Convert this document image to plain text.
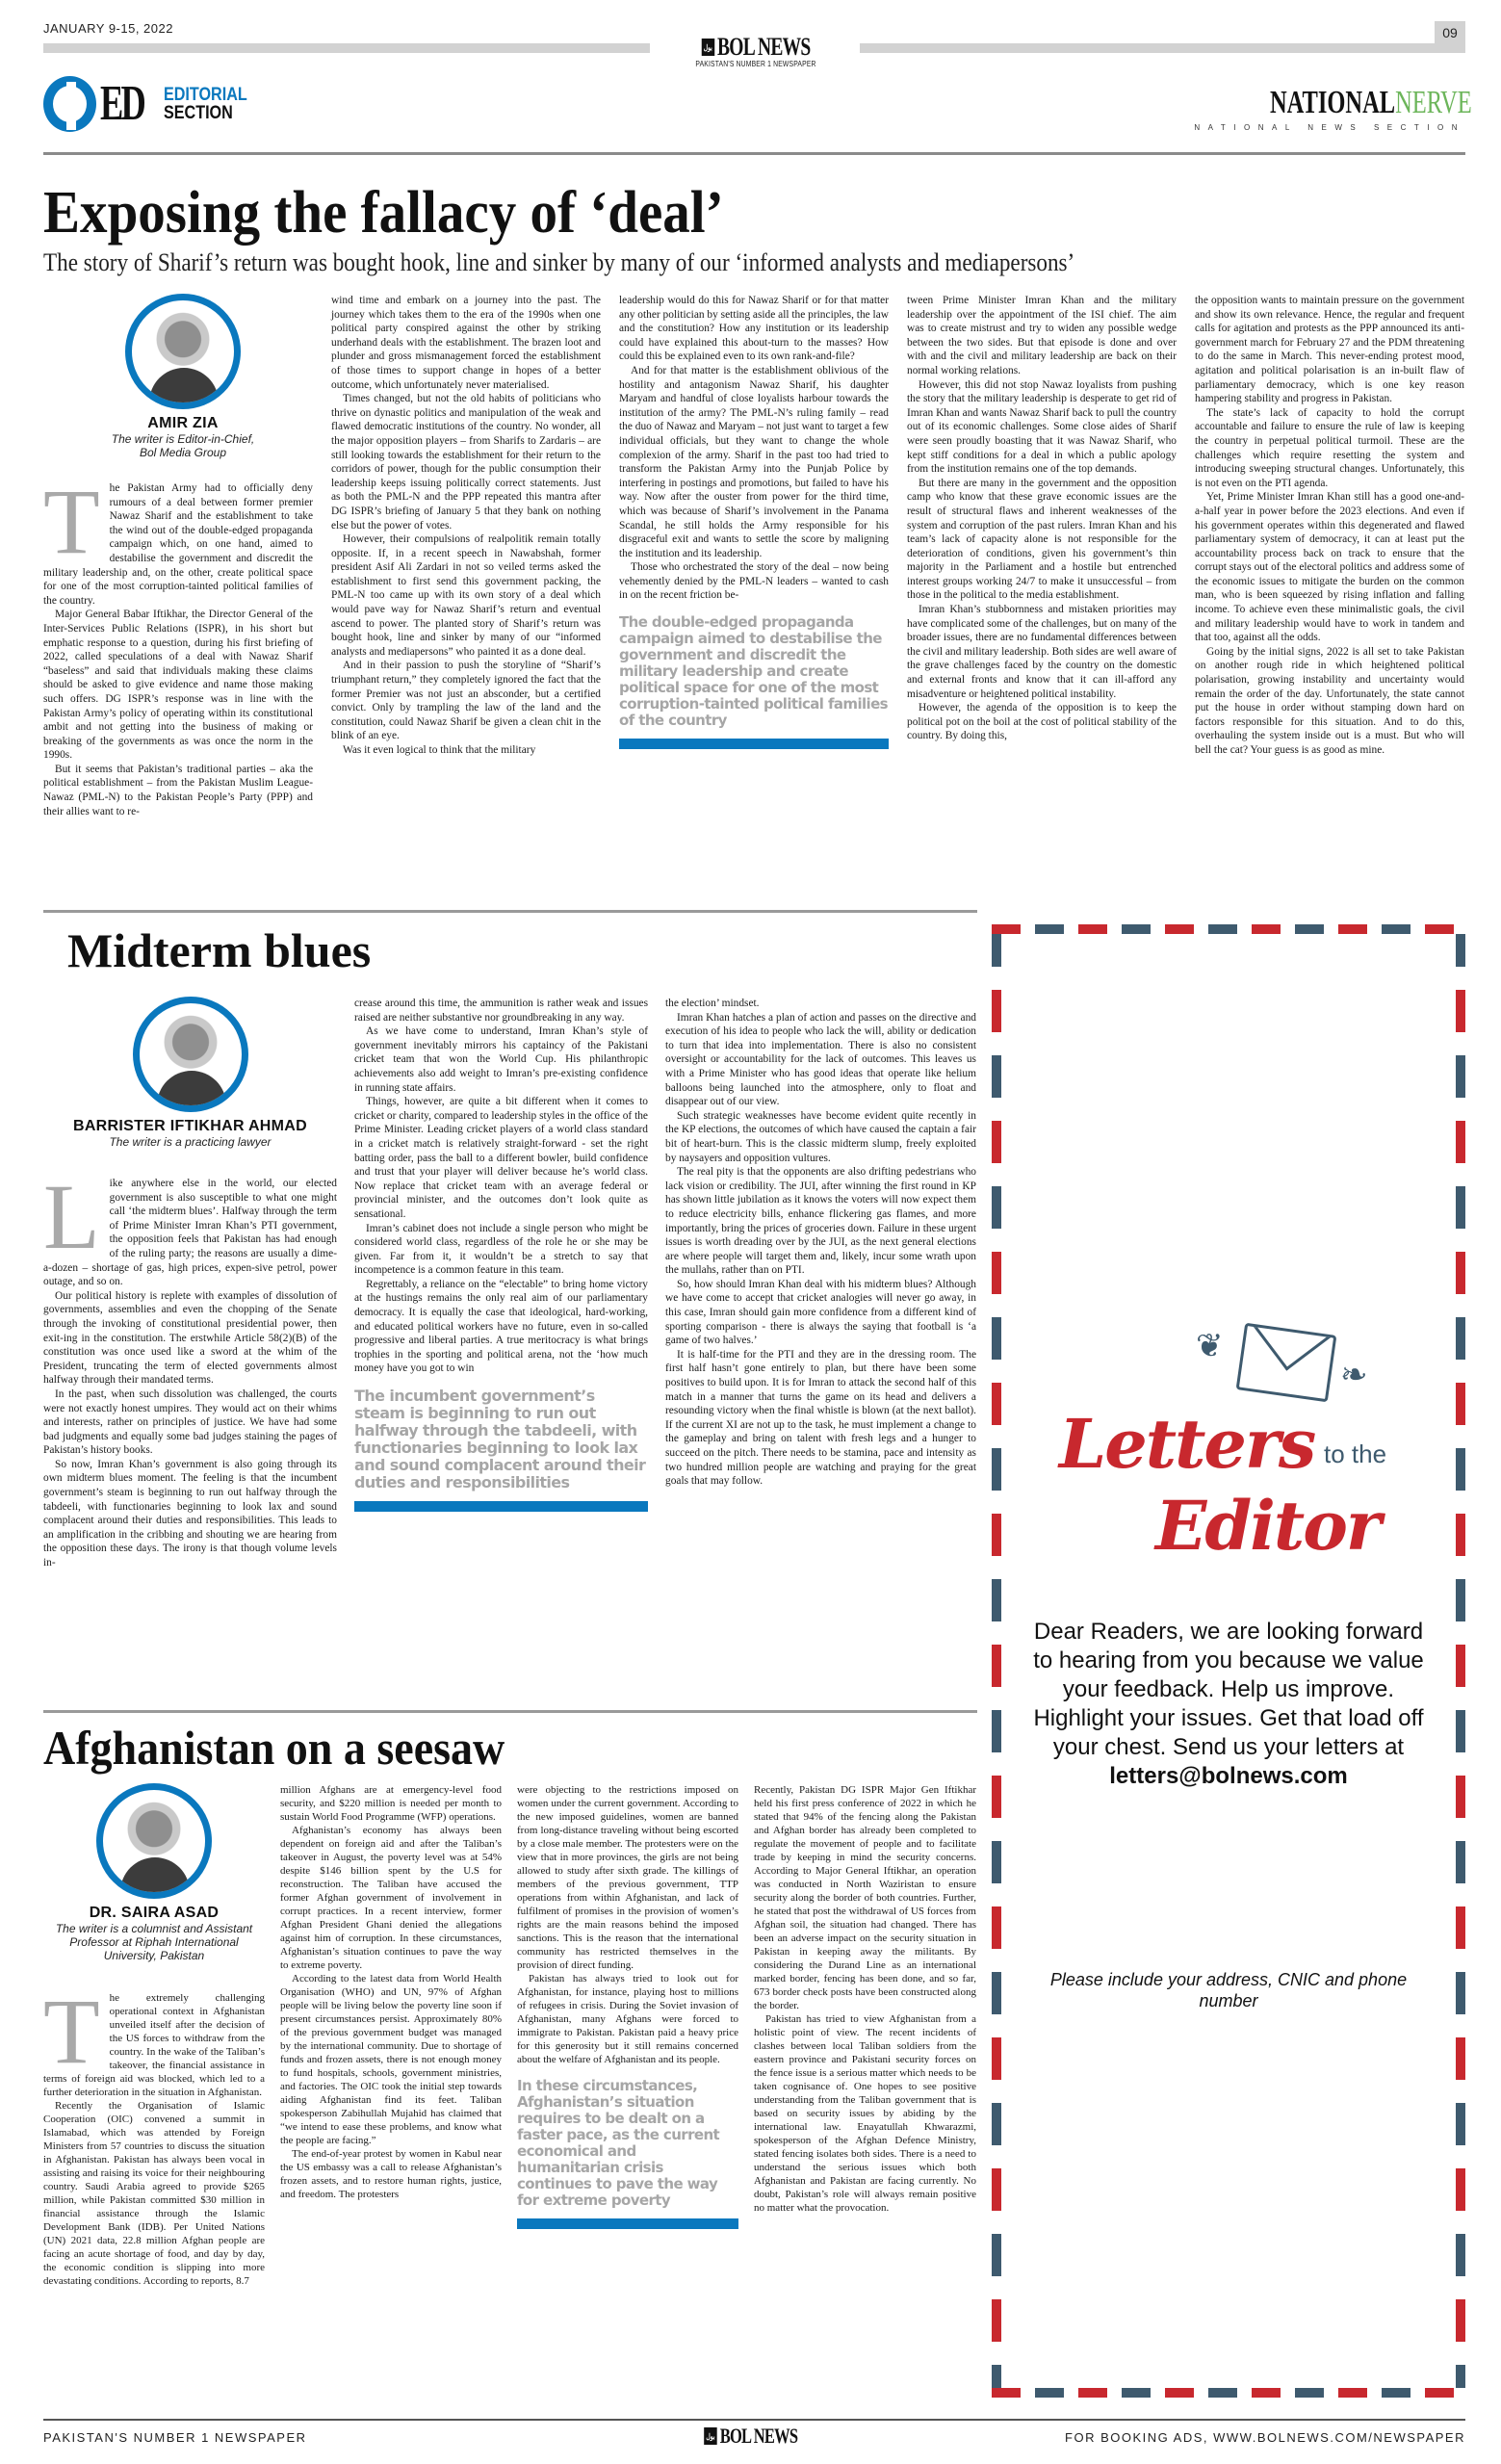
JANUARY 9-15, 2022	09
بول BOL NEWS
PAKISTAN'S NUMBER 1 NEWSPAPER
ED EDITORIAL
SECTION	NATIONALNERVE
NATIONAL NEWS SECTION
Exposing the fallacy of ‘deal’
The story of Sharif’s return was bought hook, line and sinker by many of our ‘informed analysts and mediapersons’
AMIR ZIA
The writer is Editor-in-Chief,
Bol Media Group
T he Pakistan Army had to officially deny rumours of a deal between former premier Nawaz Sharif and the establishment to take the wind out of the double-edged propaganda campaign which, on one hand, aimed to destabilise the government and discredit the military leadership and, on the other, create political space for one of the most corruption-tainted political families of the country.

Major General Babar Iftikhar, the Director General of the Inter-Services Public Relations (ISPR), in his short but emphatic response to a question, during his first briefing of 2022, called speculations of a deal with Nawaz Sharif “baseless” and said that individuals making these claims should be asked to give evidence and name those making such offers. DG ISPR’s response was in line with the Pakistan Army’s policy of operating within its constitutional ambit and not getting into the business of making or breaking of the governments as was once the norm in the 1990s.

But it seems that Pakistan’s traditional parties – aka the political establishment – from the Pakistan Muslim League-Nawaz (PML-N) to the Pakistan People’s Party (PPP) and their allies want to re-

wind time and embark on a journey into the past. The journey which takes them to the era of the 1990s when one political party conspired against the other by striking underhand deals with the establishment. The brazen loot and plunder and gross mismanagement forced the establishment of those times to support change in hopes of a better outcome, which unfortunately never materialised.

Times changed, but not the old habits of politicians who thrive on dynastic politics and manipulation of the weak and flawed democratic institutions of the country. No wonder, all the major opposition players – from Sharifs to Zardaris – are still looking towards the establishment for their return to the corridors of power, though for the public consumption their leadership keeps issuing politically correct statements. Just as both the PML-N and the PPP repeated this mantra after DG ISPR’s briefing of January 5 that they bank on nothing else but the power of votes.

However, their compulsions of realpolitik remain totally opposite. If, in a recent speech in Nawabshah, former president Asif Ali Zardari in not so veiled terms asked the establishment to first send this government packing, the PML-N too came up with its own story of a deal which would pave way for Nawaz Sharif’s return and eventual ascend to power. The planted story of Sharif’s return was bought hook, line and sinker by many of our “informed analysts and mediapersons” who painted it as a done deal.

And in their passion to push the storyline of “Sharif’s triumphant return,” they completely ignored the fact that the former Premier was not just an absconder, but a certified convict. Only by trampling the law of the land and the constitution, could Nawaz Sharif be given a clean chit in the blink of an eye.

Was it even logical to think that the military

leadership would do this for Nawaz Sharif or for that matter any other politician by setting aside all the principles, the law and the constitution? How any institution or its leadership could have explained this about-turn to the masses? How could this be explained even to its own rank-and-file?

And for that matter is the establishment oblivious of the hostility and antagonism Nawaz Sharif, his daughter Maryam and handful of close loyalists harbour towards the institution of the army? The PML-N’s ruling family – read the duo of Nawaz and Maryam – not just want to target a few individual officials, but they want to change the whole complexion of the army. Sharif in the past too had tried to transform the Pakistan Army into the Punjab Police by interfering in postings and promotions, but failed to have his way. Now after the ouster from power for the third time, which was because of Sharif’s involvement in the Panama Scandal, he still holds the Army responsible for his disgraceful exit and wants to settle the score by maligning the institution and its leadership.

Those who orchestrated the story of the deal – now being vehemently denied by the PML-N leaders – wanted to cash in on the recent friction be-

The double-edged propaganda campaign aimed to destabilise the government and discredit the military leadership and create political space for one of the most corruption-tainted political families of the country

tween Prime Minister Imran Khan and the military leadership over the appointment of the ISI chief. The aim was to create mistrust and try to widen any possible wedge between the two sides. But that episode is done and over with and the civil and military leadership are back on their normal working relations.

However, this did not stop Nawaz loyalists from pushing the story that the military leadership is desperate to get rid of Imran Khan and wants Nawaz Sharif back to pull the country out of its economic challenges. Some close aides of Sharif were seen proudly boasting that it was Nawaz Sharif, who kept stiff conditions for a deal in which a public apology from the institution remains one of the top demands.

But there are many in the government and the opposition camp who know that these grave economic issues are the result of structural flaws and inherent weaknesses of the system and corruption of the past rulers. Imran Khan and his team’s lack of capacity alone is not responsible for the deterioration of conditions, given his government’s thin majority in the Parliament and a hostile but entrenched interest groups working 24/7 to make it unsuccessful – from those in the political to the media establishment.

Imran Khan’s stubbornness and mistaken priorities may have complicated some of the challenges, but on many of the broader issues, there are no fundamental differences between the civil and military leadership. Both sides are well aware of the grave challenges faced by the country on the domestic and external fronts and know that it can ill-afford any misadventure or heightened political instability.

However, the agenda of the opposition is to keep the political pot on the boil at the cost of political stability of the country. By doing this,

the opposition wants to maintain pressure on the government and show its own relevance. Hence, the regular and frequent calls for agitation and protests as the PPP announced its anti-government march for February 27 and the PDM threatening to do the same in March. This never-ending protest mood, agitation and political polarisation is an in-built flaw of parliamentary democracy, which is one key reason hampering stability and progress in Pakistan.

The state’s lack of capacity to hold the corrupt accountable and failure to ensure the rule of law is keeping the country in perpetual political turmoil. These are the challenges which require resetting the system and introducing sweeping structural changes. Unfortunately, this is not even on the PTI agenda.

Yet, Prime Minister Imran Khan still has a good one-and-a-half year in power before the 2023 elections. And even if his government operates within this degenerated and flawed parliamentary system of democracy, it can at least put the accountability process back on track to ensure that the corrupt stays out of the electoral politics and address some of the economic issues to mitigate the burden on the common man, who is been squeezed by rising inflation and falling income. To achieve even these minimalistic goals, the civil and military leadership would have to work in tandem and that too, against all the odds.

Going by the initial signs, 2022 is all set to take Pakistan on another rough ride in which heightened political polarisation, growing instability and uncertainty would remain the order of the day. Unfortunately, the state cannot put the house in order without stamping down hard on factors responsible for this situation. And to do this, overhauling the system inside out is a must. But who will bell the cat? Your guess is as good as mine.

Midterm blues
BARRISTER IFTIKHAR AHMAD
The writer is a practicing lawyer
L ike anywhere else in the world, our elected government is also susceptible to what one might call ‘the midterm blues’. Halfway through the term of Prime Minister Imran Khan’s PTI government, the opposition feels that Pakistan has had enough of the ruling party; the reasons are usually a dime-a-dozen – shortage of gas, high prices, expen-sive petrol, power outage, and so on.

Our political history is replete with examples of dissolution of governments, assemblies and even the chopping of the Senate through the invoking of constitutional presidential power, then exit-ing in the constitution. The erstwhile Article 58(2)(B) of the constitution was once used like a sword at the whim of the President, truncating the term of elected governments almost halfway through their mandated terms.

In the past, when such dissolution was challenged, the courts were not exactly honest umpires. They would act on their whims and interests, rather on principles of justice. We have had some bad judgments and equally some bad judges staining the pages of Pakistan’s history books.

So now, Imran Khan’s government is also going through its own midterm blues moment. The feeling is that the incumbent government’s steam is beginning to run out halfway through the tabdeeli, with functionaries beginning to look lax and sound complacent around their duties and responsibilities. This leads to an amplification in the cribbing and shouting we are hearing from the opposition these days. The irony is that though volume levels in-

crease around this time, the ammunition is rather weak and issues raised are neither substantive nor groundbreaking in any way.

As we have come to understand, Imran Khan’s style of government inevitably mirrors his captaincy of the Pakistani cricket team that won the World Cup. His philanthropic achievements also add weight to Imran’s pre-existing confidence in running state affairs.

Things, however, are quite a bit different when it comes to cricket or charity, compared to leadership styles in the office of the Prime Minister. Leading cricket players of a world class standard in a cricket match is relatively straight-forward - set the right batting order, pass the ball to a different bowler, build confidence and trust that your player will deliver because he’s world class. Now replace that cricket team with an average federal or provincial minister, and the outcomes don’t look quite as sensational.

Imran’s cabinet does not include a single person who might be considered world class, regardless of the role he or she may be given. Far from it, it wouldn’t be a stretch to say that incompetence is a common feature in this team.

Regrettably, a reliance on the “electable” to bring home victory at the hustings remains the only real aim of our parliamentary democracy. It is equally the case that ideological, hard-working, and educated political workers have no future, even in so-called progressive and liberal parties. A true meritocracy is what brings trophies in the sporting and political arena, not the ‘how much money have you got to win

The incumbent government’s steam is beginning to run out halfway through the tabdeeli, with functionaries beginning to look lax and sound complacent around their duties and responsibilities

the election’ mindset.

Imran Khan hatches a plan of action and passes on the directive and execution of his idea to people who lack the will, ability or dedication to turn that idea into implementation. There is also no consistent oversight or accountability for the lack of outcomes. This leaves us with a Prime Minister who has good ideas that operate like helium balloons being launched into the atmosphere, only to float and disappear out of our view.

Such strategic weaknesses have become evident quite recently in the KP elections, the outcomes of which have caused the captain a fair bit of heart-burn. This is the classic midterm slump, freely exploited by naysayers and opposition vultures.

The real pity is that the opponents are also drifting pedestrians who lack vision or credibility. The JUI, after winning the first round in KP has shown little jubilation as it knows the voters will now expect them to reduce electricity bills, enhance flickering gas flames, and more importantly, bring the prices of groceries down. Failure in these urgent issues is worth dreading over by the JUI, as the next general elections are where people will target them and, likely, incur some wrath upon the mullahs, rather than on PTI.

So, how should Imran Khan deal with his midterm blues? Although we have come to accept that cricket analogies will never go away, in this case, Imran should gain more confidence from a different kind of sporting comparison - there is always the saying that football is ‘a game of two halves.’

It is half-time for the PTI and they are in the dressing room. The first half hasn’t gone entirely to plan, but there have been some positives to build upon. It is for Imran to attack the second half of this match in a manner that turns the game on its head and delivers a resounding victory when the final whistle is blown (at the next ballot). If the current XI are not up to the task, he must implement a change to the gameplay and bring on talent with fresh legs and a hunger to succeed on the pitch. There needs to be stamina, pace and intensity as two hundred million people are watching and praying for the great goals that may follow.

Afghanistan on a seesaw
DR. SAIRA ASAD
The writer is a columnist and Assistant
Professor at Riphah International
University, Pakistan
T he extremely challenging operational context in Afghanistan unveiled itself after the decision of the US forces to withdraw from the country. In the wake of the Taliban’s takeover, the financial assistance in terms of foreign aid was blocked, which led to a further deterioration in the situation in Afghanistan.

Recently the Organisation of Islamic Cooperation (OIC) convened a summit in Islamabad, which was attended by Foreign Ministers from 57 countries to discuss the situation in Afghanistan. Pakistan has always been vocal in assisting and raising its voice for their neighbouring country. Saudi Arabia agreed to provide $265 million, while Pakistan committed $30 million in financial assistance through the Islamic Development Bank (IDB). Per United Nations (UN) 2021 data, 22.8 million Afghan people are facing an acute shortage of food, and day by day, the economic condition is slipping into more devastating conditions. According to reports, 8.7

million Afghans are at emergency-level food security, and $220 million is needed per month to sustain World Food Programme (WFP) operations.

Afghanistan’s economy has always been dependent on foreign aid and after the Taliban’s takeover in August, the poverty level was at 54% despite $146 billion spent by the U.S for reconstruction. The Taliban have accused the former Afghan government of involvement in corrupt practices. In a recent interview, former Afghan President Ghani denied the allegations against him of corruption. In these circumstances, Afghanistan’s situation continues to pave the way to extreme poverty.

According to the latest data from World Health Organisation (WHO) and UN, 97% of Afghan people will be living below the poverty line soon if present circumstances persist. Approximately 80% of the previous government budget was managed by the international community. Due to shortage of funds and frozen assets, there is not enough money to fund hospitals, schools, government ministries, and factories. The OIC took the initial step towards aiding Afghanistan find its feet. Taliban spokesperson Zabihullah Mujahid has claimed that “we intend to ease these problems, and know what the people are facing.”

The end-of-year protest by women in Kabul near the US embassy was a call to release Afghanistan’s frozen assets, and to restore human rights, justice, and freedom. The protesters

were objecting to the restrictions imposed on women under the current government. According to the new imposed guidelines, women are banned from long-distance traveling without being escorted by a close male member. The protesters were on the view that in more provinces, the girls are not being allowed to study after sixth grade. The killings of members of the previous government, TTP operations from within Afghanistan, and lack of fulfilment of promises in the provision of women’s rights are the main reasons behind the imposed sanctions. This is the reason that the international community has restricted themselves in the provision of direct funding.

Pakistan has always tried to look out for Afghanistan, for instance, playing host to millions of refugees in crisis. During the Soviet invasion of Afghanistan, many Afghans were forced to immigrate to Pakistan. Pakistan paid a heavy price for this generosity but it still remains concerned about the welfare of Afghanistan and its people.

In these circumstances, Afghanistan’s situation requires to be dealt on a faster pace, as the current economical and humanitarian crisis continues to pave the way for extreme poverty

Recently, Pakistan DG ISPR Major Gen Iftikhar held his first press conference of 2022 in which he stated that 94% of the fencing along the Pakistan and Afghan border has already been completed to regulate the movement of people and to facilitate trade by keeping in mind the security concerns. According to Major General Iftikhar, an operation was conducted in North Waziristan to ensure security along the border of both countries. Further, he stated that post the withdrawal of US forces from Afghan soil, the situation had changed. There has been an adverse impact on the security situation in Pakistan in keeping away the militants. By considering the Durand Line as an international marked border, fencing has been done, and so far, 673 border check posts have been constructed along the border.

Pakistan has tried to view Afghanistan from a holistic point of view. The recent incidents of clashes between local Taliban soldiers from the eastern province and Pakistani security forces on the fence issue is a serious matter which needs to be taken cognisance of. One hopes to see positive understanding from the Taliban government that is based on security issues by abiding by the international law. Enayatullah Khwarazmi, spokesperson of the Afghan Defence Ministry, stated fencing isolates both sides. There is a need to understand the serious issues which both Afghanistan and Pakistan are facing currently. No doubt, Pakistan’s role will always remain positive no matter what the provocation.

❦
❧
Letters to the
Editor
Dear Readers, we are looking forward to hearing from you because we value your feedback. Help us improve. Highlight your issues. Get that load off your chest. Send us your letters at
letters@bolnews.com
Please include your address, CNIC and phone number
PAKISTAN'S NUMBER 1 NEWSPAPER	بول BOL NEWS	FOR BOOKING ADS, WWW.BOLNEWS.COM/NEWSPAPER
